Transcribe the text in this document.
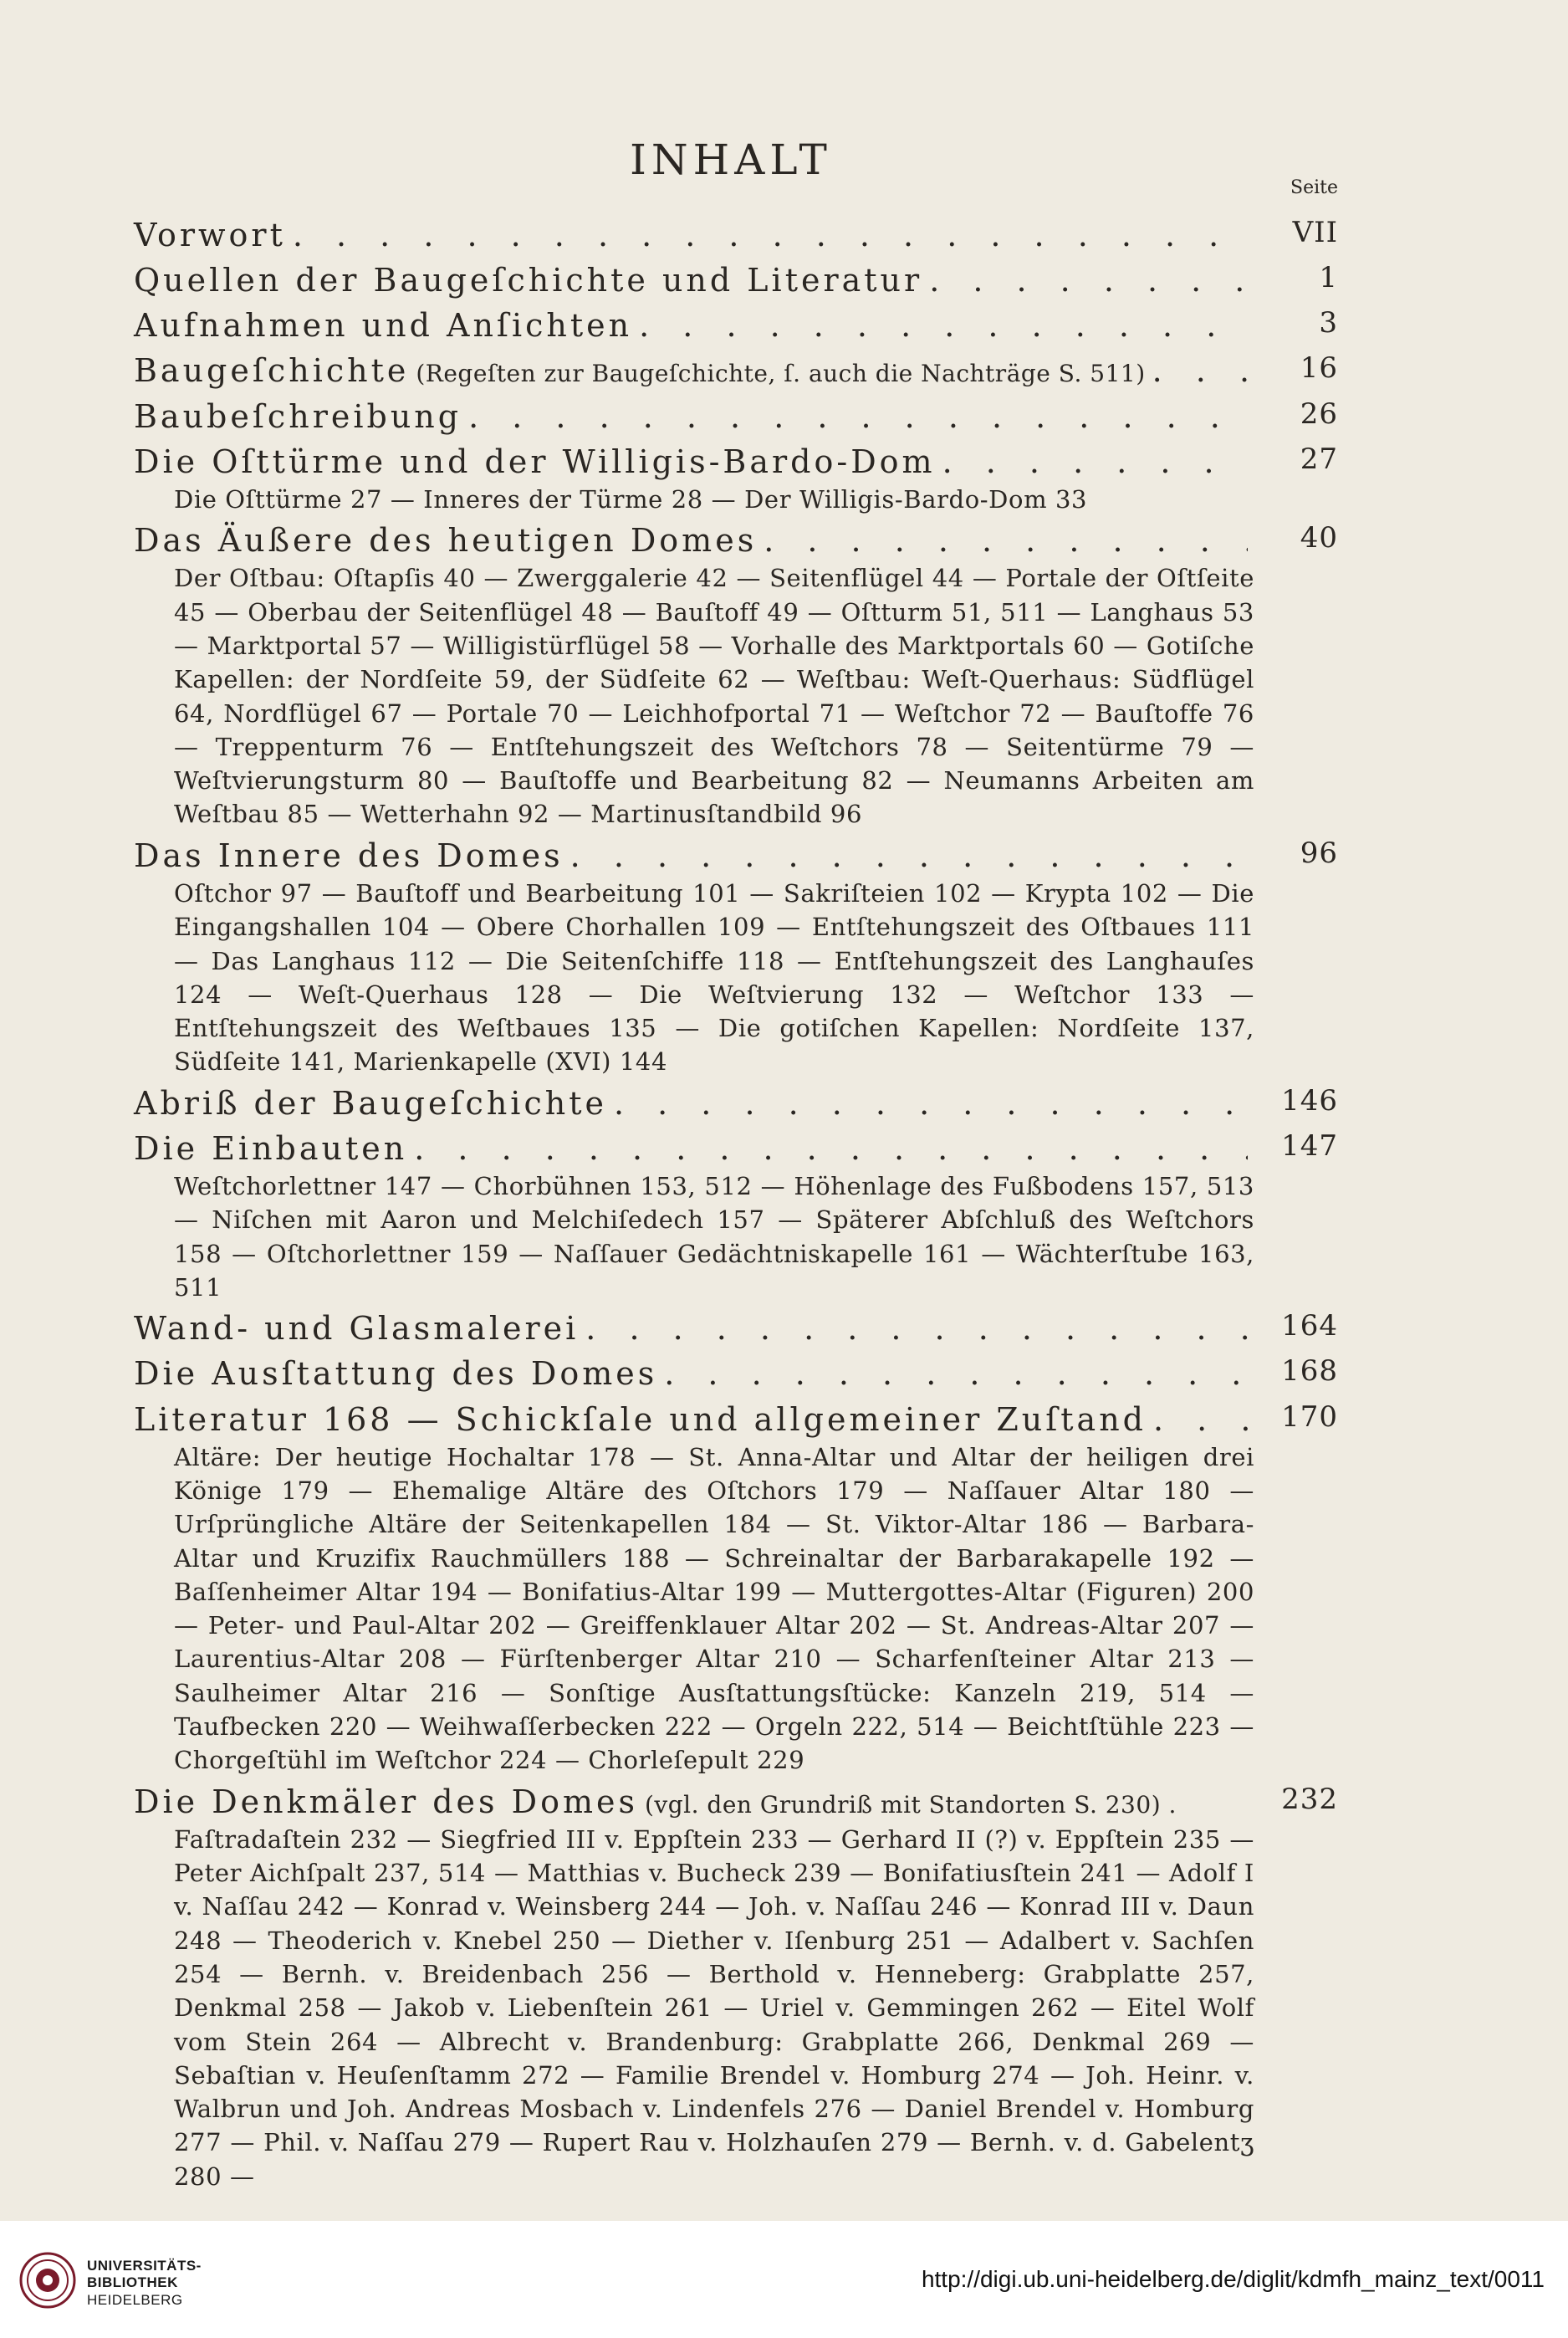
INHALT
Seite
Vorwort . . .	VII
Quellen der Baugeſchichte und Literatur . . .	1
Aufnahmen und Anſichten . . .	3
Baugeſchichte (Regeſten zur Baugeſchichte, ſ. auch die Nachträge S. 511) . . .	16
Baubeſchreibung . . .	26
Die Oſttürme und der Willigis-Bardo-Dom . . .	27
Die Oſttürme 27 — Inneres der Türme 28 — Der Willigis-Bardo-Dom 33
Das Äußere des heutigen Domes . . .	40
Der Oſtbau: Oſtapſis 40 — Zwerggalerie 42 — Seitenflügel 44 — Portale der Oſtſeite 45 — Oberbau der Seitenflügel 48 — Bauſtoff 49 — Oſtturm 51, 511 — Langhaus 53 — Marktportal 57 — Willigistürflügel 58 — Vorhalle des Marktportals 60 — Gotiſche Kapellen: der Nordſeite 59, der Südſeite 62 — Weſtbau: Weſt-Querhaus: Südflügel 64, Nordflügel 67 — Portale 70 — Leichhofportal 71 — Weſtchor 72 — Bauſtoffe 76 — Treppenturm 76 — Entſtehungszeit des Weſtchors 78 — Seitentürme 79 — Weſtvierungsturm 80 — Bauſtoffe und Bearbeitung 82 — Neumanns Arbeiten am Weſtbau 85 — Wetterhahn 92 — Martinusſtandbild 96
Das Innere des Domes . . .	96
Oſtchor 97 — Bauſtoff und Bearbeitung 101 — Sakriſteien 102 — Krypta 102 — Die Eingangshallen 104 — Obere Chorhallen 109 — Entſtehungszeit des Oſtbaues 111 — Das Langhaus 112 — Die Seitenſchiffe 118 — Entſtehungszeit des Langhauſes 124 — Weſt-Querhaus 128 — Die Weſtvierung 132 — Weſtchor 133 — Entſtehungszeit des Weſtbaues 135 — Die gotiſchen Kapellen: Nordſeite 137, Südſeite 141, Marienkapelle (XVI) 144
Abriß der Baugeſchichte . . .	146
Die Einbauten . . .	147
Weſtchorlettner 147 — Chorbühnen 153, 512 — Höhenlage des Fußbodens 157, 513 — Niſchen mit Aaron und Melchiſedech 157 — Späterer Abſchluß des Weſtchors 158 — Oſtchorlettner 159 — Naſſauer Gedächtniskapelle 161 — Wächterſtube 163, 511
Wand- und Glasmalerei . . .	164
Die Ausſtattung des Domes . . .	168
Literatur 168 — Schickſale und allgemeiner Zuſtand . . .	170
Altäre: Der heutige Hochaltar 178 — St. Anna-Altar und Altar der heiligen drei Könige 179 — Ehemalige Altäre des Oſtchors 179 — Naſſauer Altar 180 — Urſprüngliche Altäre der Seitenkapellen 184 — St. Viktor-Altar 186 — Barbara-Altar und Kruzifix Rauchmüllers 188 — Schreinaltar der Barbarakapelle 192 — Baſſenheimer Altar 194 — Bonifatius-Altar 199 — Muttergottes-Altar (Figuren) 200 — Peter- und Paul-Altar 202 — Greiffenklauer Altar 202 — St. Andreas-Altar 207 — Laurentius-Altar 208 — Fürſtenberger Altar 210 — Scharfenſteiner Altar 213 — Saulheimer Altar 216 — Sonſtige Ausſtattungsſtücke: Kanzeln 219, 514 — Taufbecken 220 — Weihwaſſerbecken 222 — Orgeln 222, 514 — Beichtſtühle 223 — Chorgeſtühl im Weſtchor 224 — Chorleſepult 229
Die Denkmäler des Domes (vgl. den Grundriß mit Standorten S. 230) .	232
Faſtradaſtein 232 — Siegfried III v. Eppſtein 233 — Gerhard II (?) v. Eppſtein 235 — Peter Aichſpalt 237, 514 — Matthias v. Bucheck 239 — Bonifatiusſtein 241 — Adolf I v. Naſſau 242 — Konrad v. Weinsberg 244 — Joh. v. Naſſau 246 — Konrad III v. Daun 248 — Theoderich v. Knebel 250 — Diether v. Iſenburg 251 — Adalbert v. Sachſen 254 — Bernh. v. Breidenbach 256 — Berthold v. Henneberg: Grabplatte 257, Denkmal 258 — Jakob v. Liebenſtein 261 — Uriel v. Gemmingen 262 — Eitel Wolf vom Stein 264 — Albrecht v. Brandenburg: Grabplatte 266, Denkmal 269 — Sebaſtian v. Heuſenſtamm 272 — Familie Brendel v. Homburg 274 — Joh. Heinr. v. Walbrun und Joh. Andreas Mosbach v. Lindenfels 276 — Daniel Brendel v. Homburg 277 — Phil. v. Naſſau 279 — Rupert Rau v. Holzhauſen 279 — Bernh. v. d. Gabelentʒ 280 —
UNIVERSITÄTS-
BIBLIOTHEK
HEIDELBERG
http://digi.ub.uni-heidelberg.de/diglit/kdmfh_mainz_text/0011
